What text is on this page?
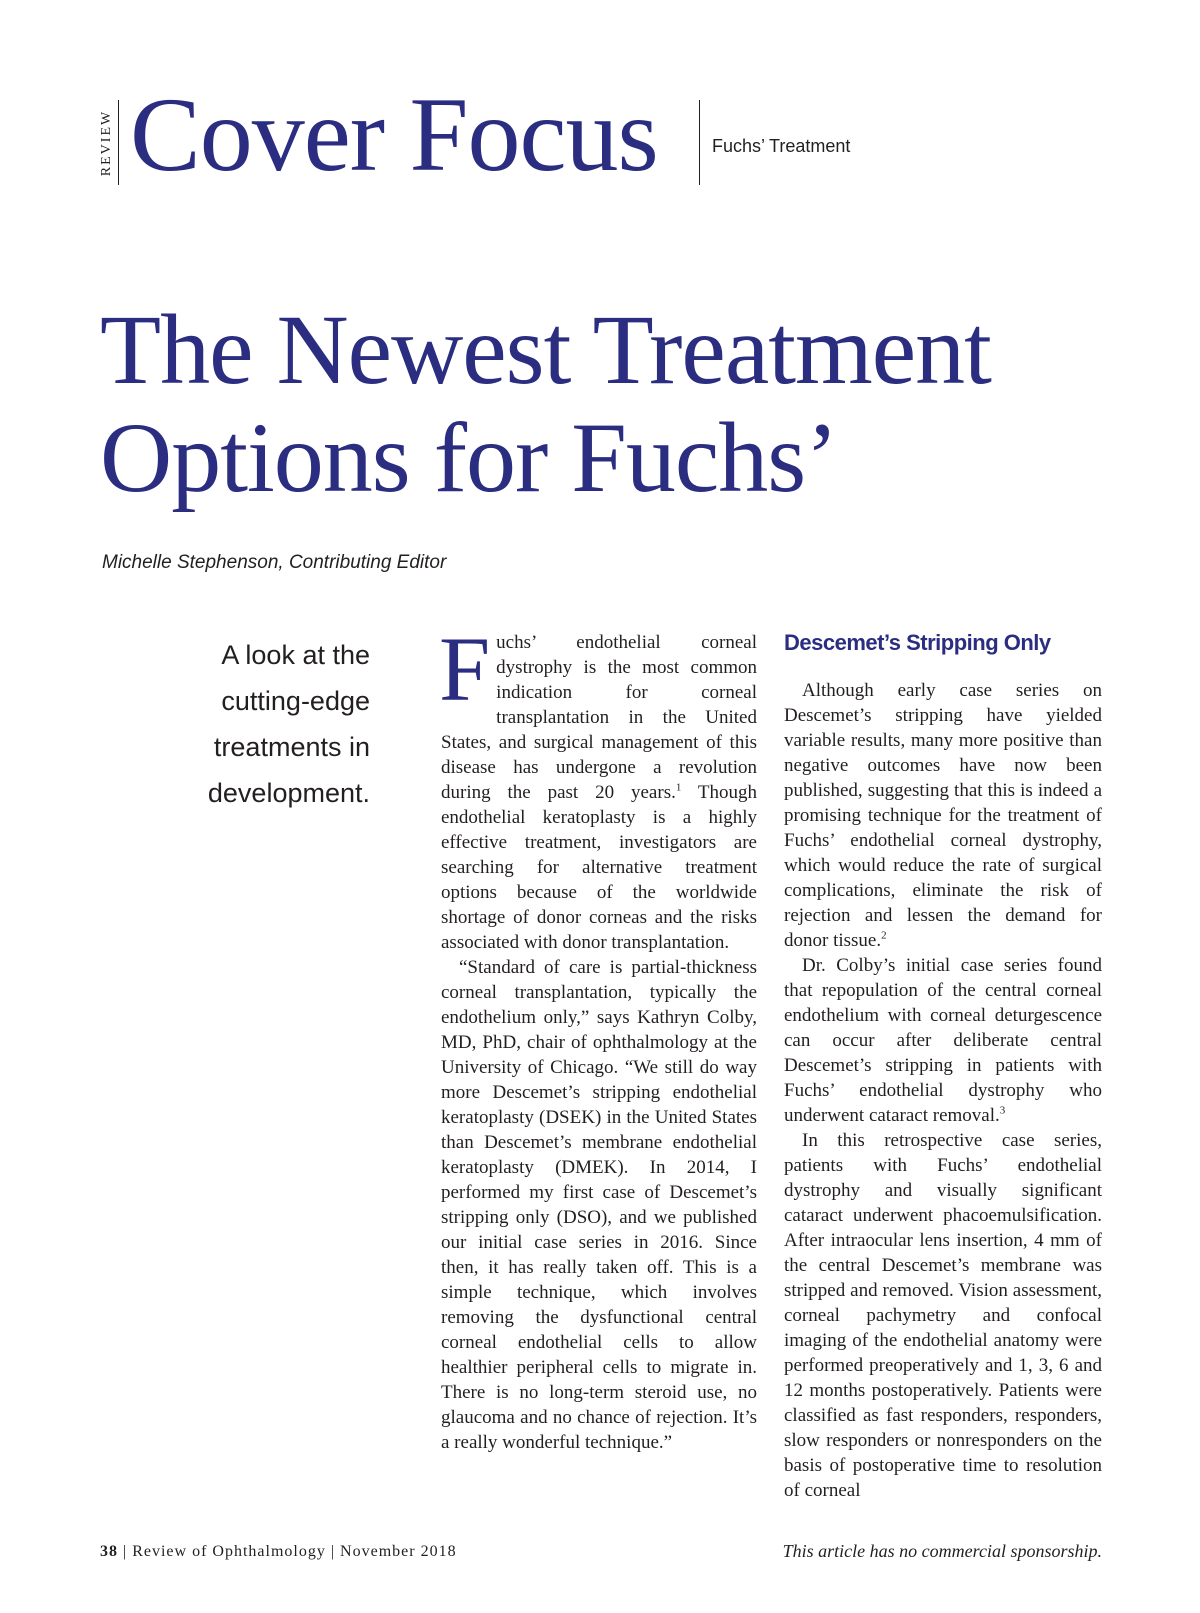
REVIEW Cover Focus	Fuchs’ Treatment
The Newest Treatment
Options for Fuchs’
Michelle Stephenson, Contributing Editor
A look at the cutting-edge treatments in development.

Fuchs’ endothelial corneal dystrophy is the most common indication for corneal transplantation in the United States, and surgical management of this disease has undergone a revolution during the past 20 years.$^1$ Though endothelial keratoplasty is a highly effective treatment, investigators are searching for alternative treatment options because of the worldwide shortage of donor corneas and the risks associated with donor transplantation.

“Standard of care is partial-thickness corneal transplantation, typically the endothelium only,” says Kathryn Colby, MD, PhD, chair of ophthalmology at the University of Chicago. “We still do way more Descemet’s stripping endothelial keratoplasty (DSEK) in the United States than Descemet’s membrane endothelial keratoplasty (DMEK). In 2014, I performed my first case of Descemet’s stripping only (DSO), and we published our initial case series in 2016. Since then, it has really taken off. This is a simple technique, which involves removing the dysfunctional central corneal endothelial cells to allow healthier peripheral cells to migrate in. There is no long-term steroid use, no glaucoma and no chance of rejection. It’s a really wonderful technique.”

Descemet’s Stripping Only

Although early case series on Descemet’s stripping have yielded variable results, many more positive than negative outcomes have now been published, suggesting that this is indeed a promising technique for the treatment of Fuchs’ endothelial corneal dystrophy, which would reduce the rate of surgical complications, eliminate the risk of rejection and lessen the demand for donor tissue.$^2$

Dr. Colby’s initial case series found that repopulation of the central corneal endothelium with corneal deturgescence can occur after deliberate central Descemet’s stripping in patients with Fuchs’ endothelial dystrophy who underwent cataract removal.$^3$

In this retrospective case series, patients with Fuchs’ endothelial dystrophy and visually significant cataract underwent phacoemulsification. After intraocular lens insertion, 4 mm of the central Descemet’s membrane was stripped and removed. Vision assessment, corneal pachymetry and confocal imaging of the endothelial anatomy were performed preoperatively and 1, 3, 6 and 12 months postoperatively. Patients were classified as fast responders, responders, slow responders or nonresponders on the basis of postoperative time to resolution of corneal

38 | Review of Ophthalmology | November 2018	This article has no commercial sponsorship.
